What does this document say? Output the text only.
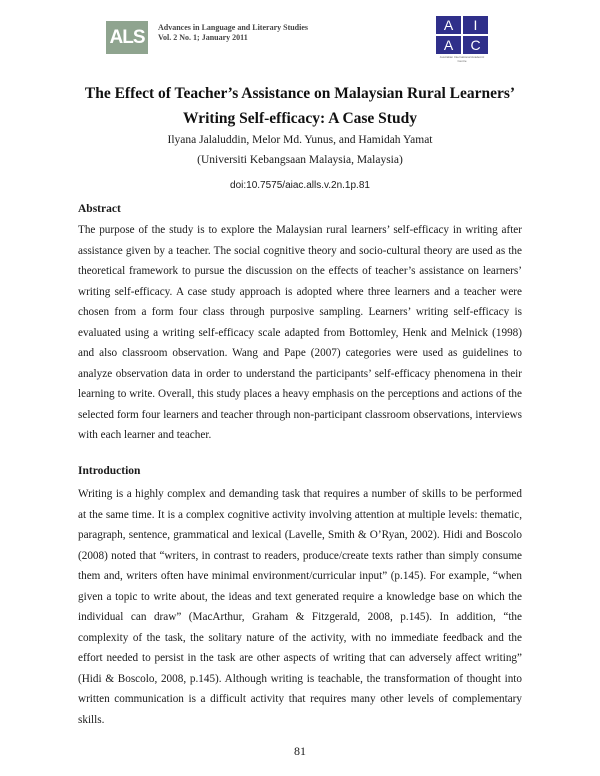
ALS	Advances in Language and Literary Studies
Vol. 2 No. 1; January 2011
A	I
A	C
Australian International Academic Centre
The Effect of Teacher’s Assistance on Malaysian Rural Learners’
Writing Self-efficacy: A Case Study
Ilyana Jalaluddin, Melor Md. Yunus, and Hamidah Yamat
(Universiti Kebangsaan Malaysia, Malaysia)
doi:10.7575/aiac.alls.v.2n.1p.81
Abstract
The purpose of the study is to explore the Malaysian rural learners’ self-efficacy in writing after assistance given by a teacher. The social cognitive theory and socio-cultural theory are used as the theoretical framework to pursue the discussion on the effects of teacher’s assistance on learners’ writing self-efficacy. A case study approach is adopted where three learners and a teacher were chosen from a form four class through purposive sampling. Learners’ writing self-efficacy is evaluated using a writing self-efficacy scale adapted from Bottomley, Henk and Melnick (1998) and also classroom observation. Wang and Pape (2007) categories were used as guidelines to analyze observation data in order to understand the participants’ self-efficacy phenomena in their learning to write. Overall, this study places a heavy emphasis on the perceptions and actions of the selected form four learners and teacher through non-participant classroom observations, interviews with each learner and teacher.
Introduction
Writing is a highly complex and demanding task that requires a number of skills to be performed at the same time. It is a complex cognitive activity involving attention at multiple levels: thematic, paragraph, sentence, grammatical and lexical (Lavelle, Smith & O’Ryan, 2002). Hidi and Boscolo (2008) noted that “writers, in contrast to readers, produce/create texts rather than simply consume them and, writers often have minimal environment/curricular input” (p.145). For example, “when given a topic to write about, the ideas and text generated require a knowledge base on which the individual can draw” (MacArthur, Graham & Fitzgerald, 2008, p.145). In addition, “the complexity of the task, the solitary nature of the activity, with no immediate feedback and the effort needed to persist in the task are other aspects of writing that can adversely affect writing” (Hidi & Boscolo, 2008, p.145). Although writing is teachable, the transformation of thought into written communication is a difficult activity that requires many other levels of complementary skills.
81
